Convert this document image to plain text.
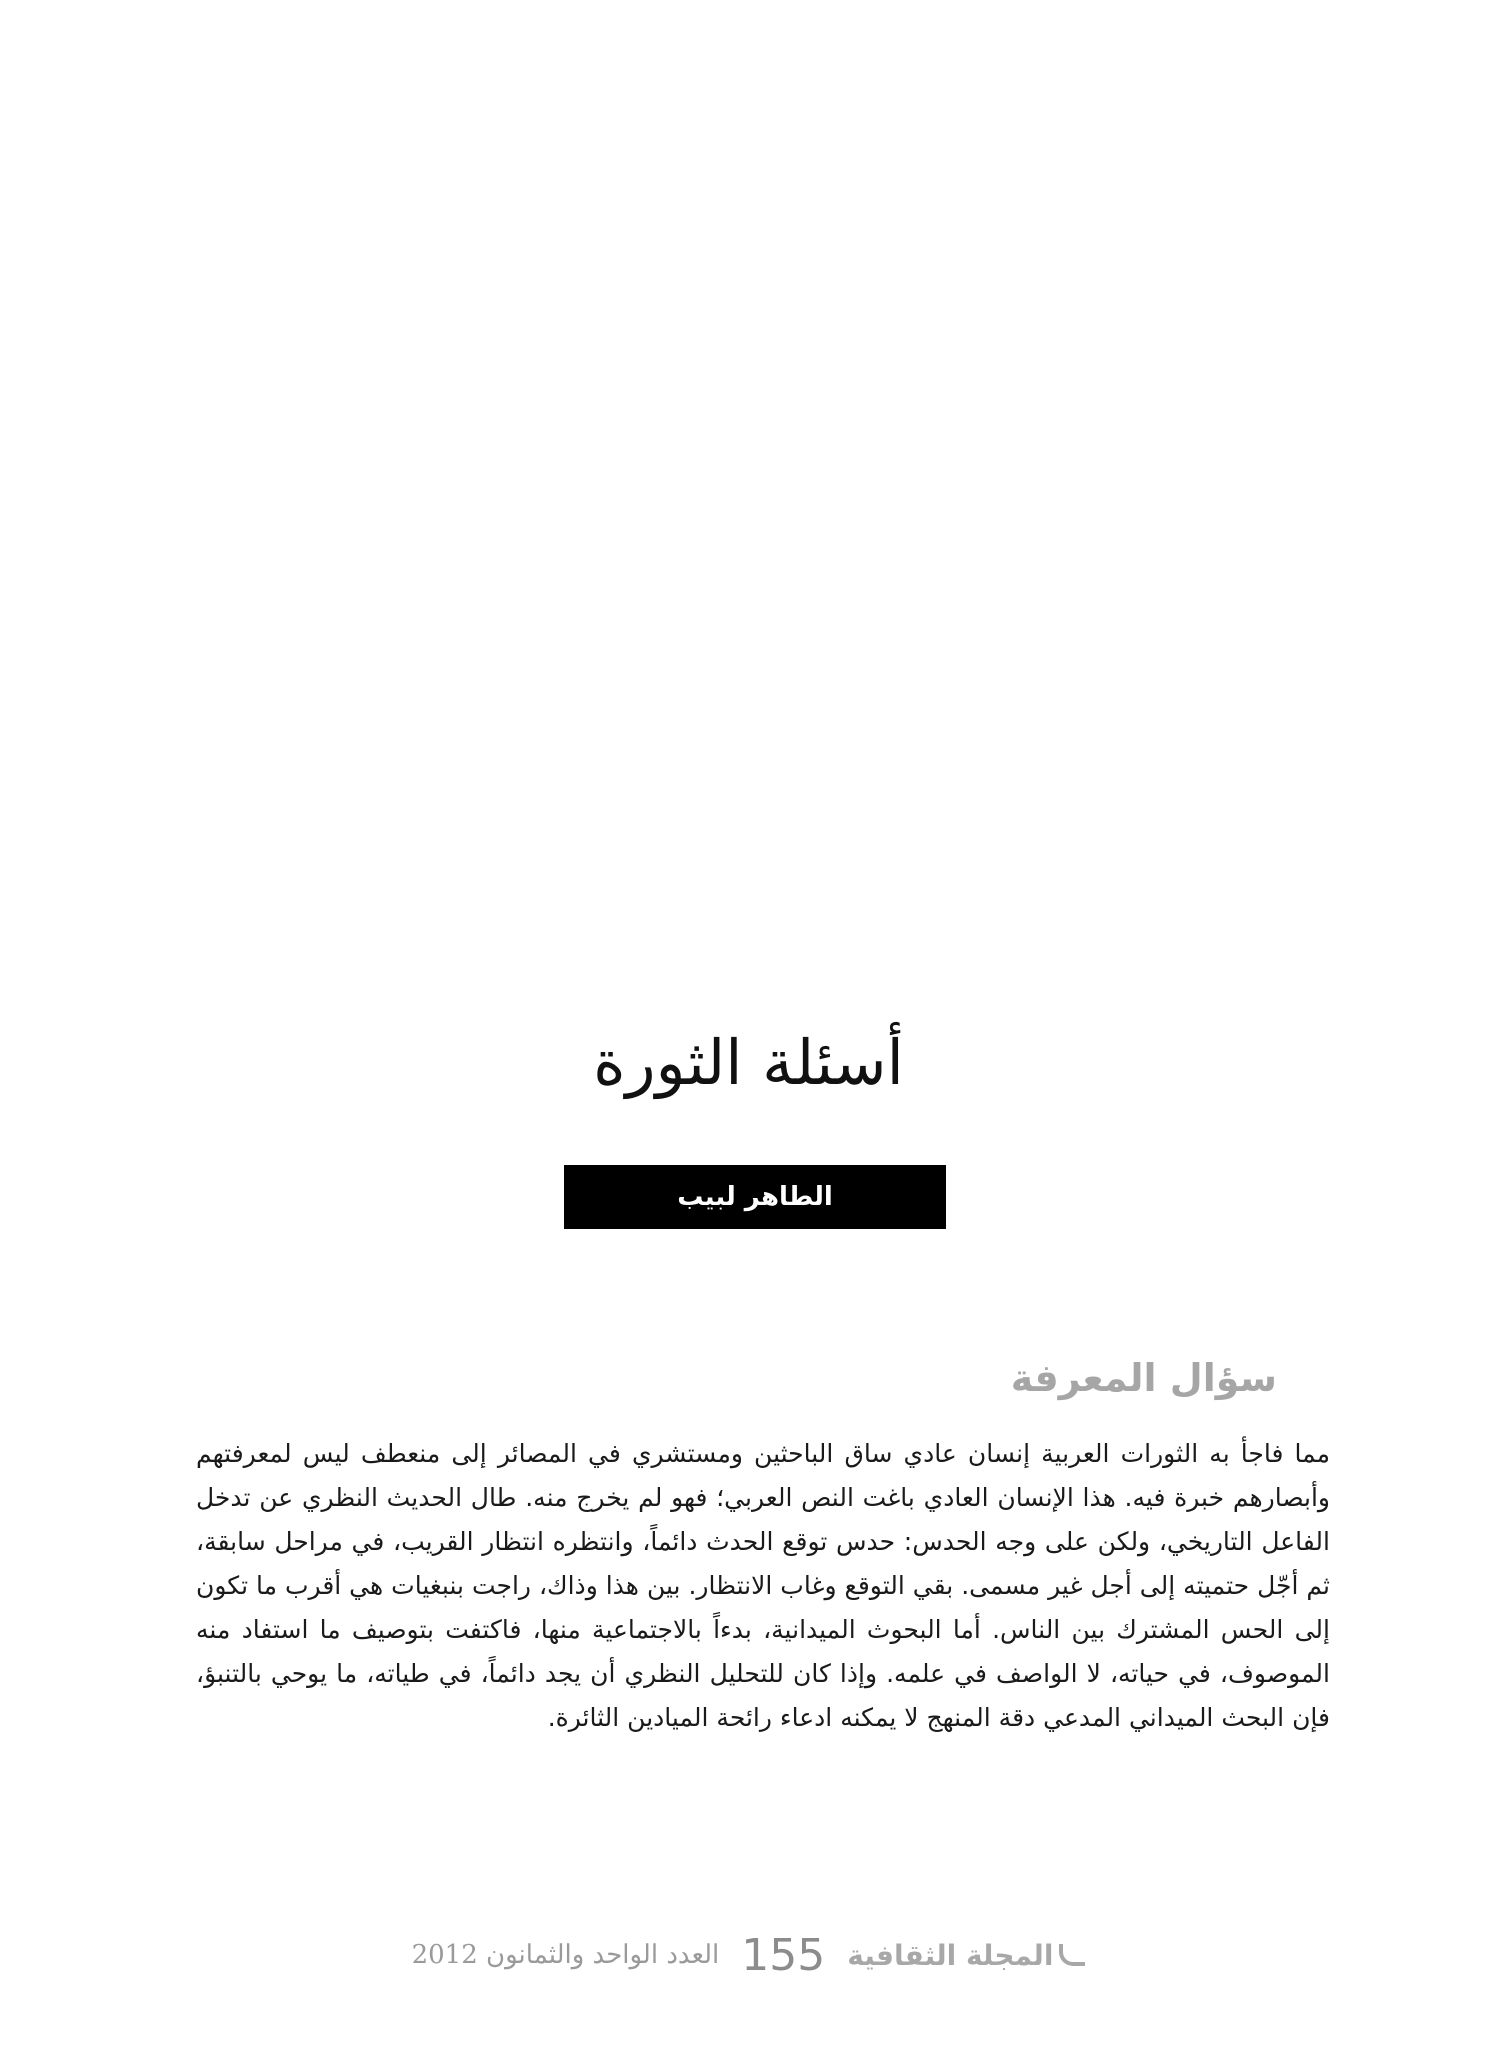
أسئلة الثورة
الطاهر لبيب
سؤال المعرفة

مما فاجأ به الثورات العربية إنسان عادي ساق الباحثين ومستشري في المصائر إلى منعطف ليس لمعرفتهم وأبصارهم خبرة فيه. هذا الإنسان العادي باغت النص العربي؛ فهو لم يخرج منه. طال الحديث النظري عن تدخل الفاعل التاريخي، ولكن على وجه الحدس: حدس توقع الحدث دائماً، وانتظره انتظار القريب، في مراحل سابقة، ثم أجّل حتميته إلى أجل غير مسمى. بقي التوقع وغاب الانتظار. بين هذا وذاك، راجت بنبغيات هي أقرب ما تكون إلى الحس المشترك بين الناس. أما البحوث الميدانية، بدءاً بالاجتماعية منها، فاكتفت بتوصيف ما استفاد منه الموصوف، في حياته، لا الواصف في علمه. وإذا كان للتحليل النظري أن يجد دائماً، في طياته، ما يوحي بالتنبؤ، فإن البحث الميداني المدعي دقة المنهج لا يمكنه ادعاء رائحة الميادين الثائرة.

المجلة الثقافية
155
العدد الواحد والثمانون 2012
